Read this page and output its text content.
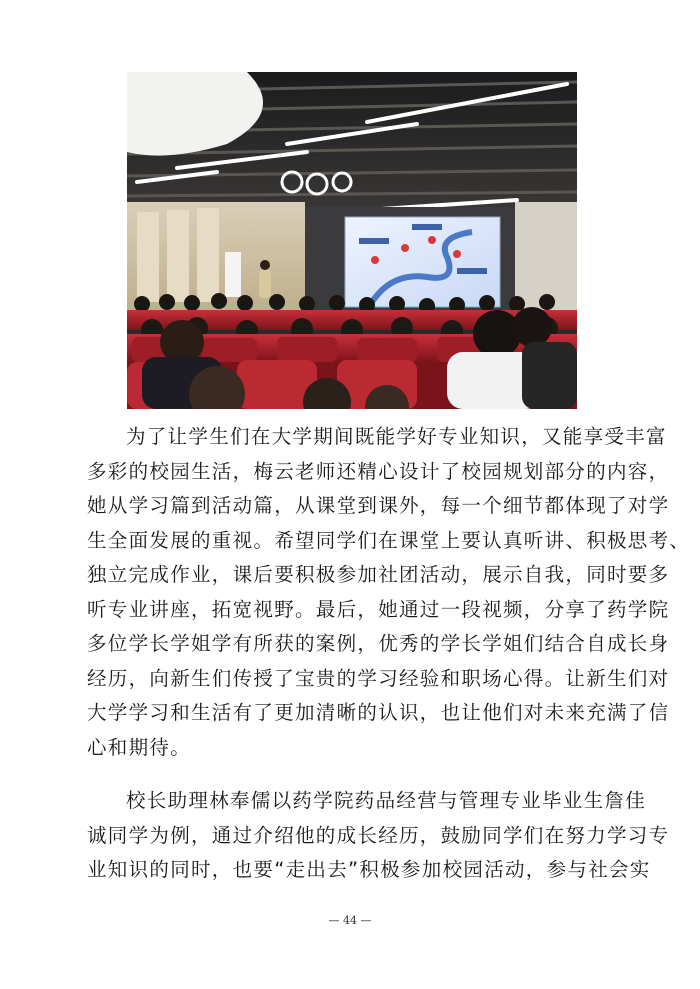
为了让学生们在大学期间既能学好专业知识，又能享受丰富
多彩的校园生活，梅云老师还精心设计了校园规划部分的内容，
她从学习篇到活动篇，从课堂到课外，每一个细节都体现了对学
生全面发展的重视。希望同学们在课堂上要认真听讲、积极思考、
独立完成作业，课后要积极参加社团活动，展示自我，同时要多
听专业讲座，拓宽视野。最后，她通过一段视频，分享了药学院
多位学长学姐学有所获的案例，优秀的学长学姐们结合自成长身
经历，向新生们传授了宝贵的学习经验和职场心得。让新生们对
大学学习和生活有了更加清晰的认识，也让他们对未来充满了信
心和期待。
校长助理林奉儒以药学院药品经营与管理专业毕业生詹佳
诚同学为例，通过介绍他的成长经历，鼓励同学们在努力学习专
业知识的同时，也要“走出去”积极参加校园活动，参与社会实
— 44 —
